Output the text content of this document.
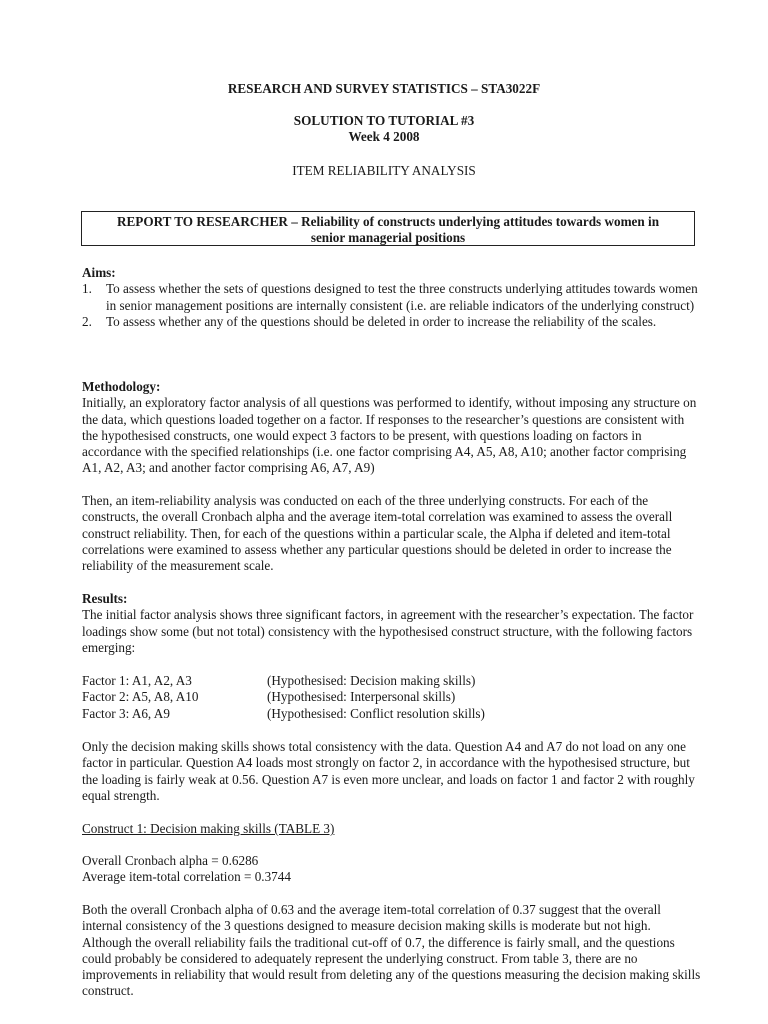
RESEARCH AND SURVEY STATISTICS – STA3022F
SOLUTION TO TUTORIAL #3
Week 4 2008
ITEM RELIABILITY ANALYSIS
REPORT TO RESEARCHER – Reliability of constructs underlying attitudes towards women in
senior managerial positions
Aims:
1. To assess whether the sets of questions designed to test the three constructs underlying attitudes towards women in senior management positions are internally consistent (i.e. are reliable indicators of the underlying construct)
2. To assess whether any of the questions should be deleted in order to increase the reliability of the scales.
Methodology:
Initially, an exploratory factor analysis of all questions was performed to identify, without imposing any structure on the data, which questions loaded together on a factor. If responses to the researcher’s questions are consistent with the hypothesised constructs, one would expect 3 factors to be present, with questions loading on factors in accordance with the specified relationships (i.e. one factor comprising A4, A5, A8, A10; another factor comprising A1, A2, A3; and another factor comprising A6, A7, A9)
Then, an item-reliability analysis was conducted on each of the three underlying constructs. For each of the constructs, the overall Cronbach alpha and the average item-total correlation was examined to assess the overall construct reliability. Then, for each of the questions within a particular scale, the Alpha if deleted and item-total correlations were examined to assess whether any particular questions should be deleted in order to increase the reliability of the measurement scale.
Results:
The initial factor analysis shows three significant factors, in agreement with the researcher’s expectation. The factor loadings show some (but not total) consistency with the hypothesised construct structure, with the following factors emerging:
Factor 1: A1, A2, A3	(Hypothesised: Decision making skills)
Factor 2: A5, A8, A10	(Hypothesised: Interpersonal skills)
Factor 3: A6, A9	(Hypothesised: Conflict resolution skills)
Only the decision making skills shows total consistency with the data. Question A4 and A7 do not load on any one factor in particular. Question A4 loads most strongly on factor 2, in accordance with the hypothesised structure, but the loading is fairly weak at 0.56. Question A7 is even more unclear, and loads on factor 1 and factor 2 with roughly equal strength.
Construct 1: Decision making skills (TABLE 3)
Overall Cronbach alpha = 0.6286
Average item-total correlation = 0.3744
Both the overall Cronbach alpha of 0.63 and the average item-total correlation of 0.37 suggest that the overall internal consistency of the 3 questions designed to measure decision making skills is moderate but not high. Although the overall reliability fails the traditional cut-off of 0.7, the difference is fairly small, and the questions could probably be considered to adequately represent the underlying construct. From table 3, there are no improvements in reliability that would result from deleting any of the questions measuring the decision making skills construct.
